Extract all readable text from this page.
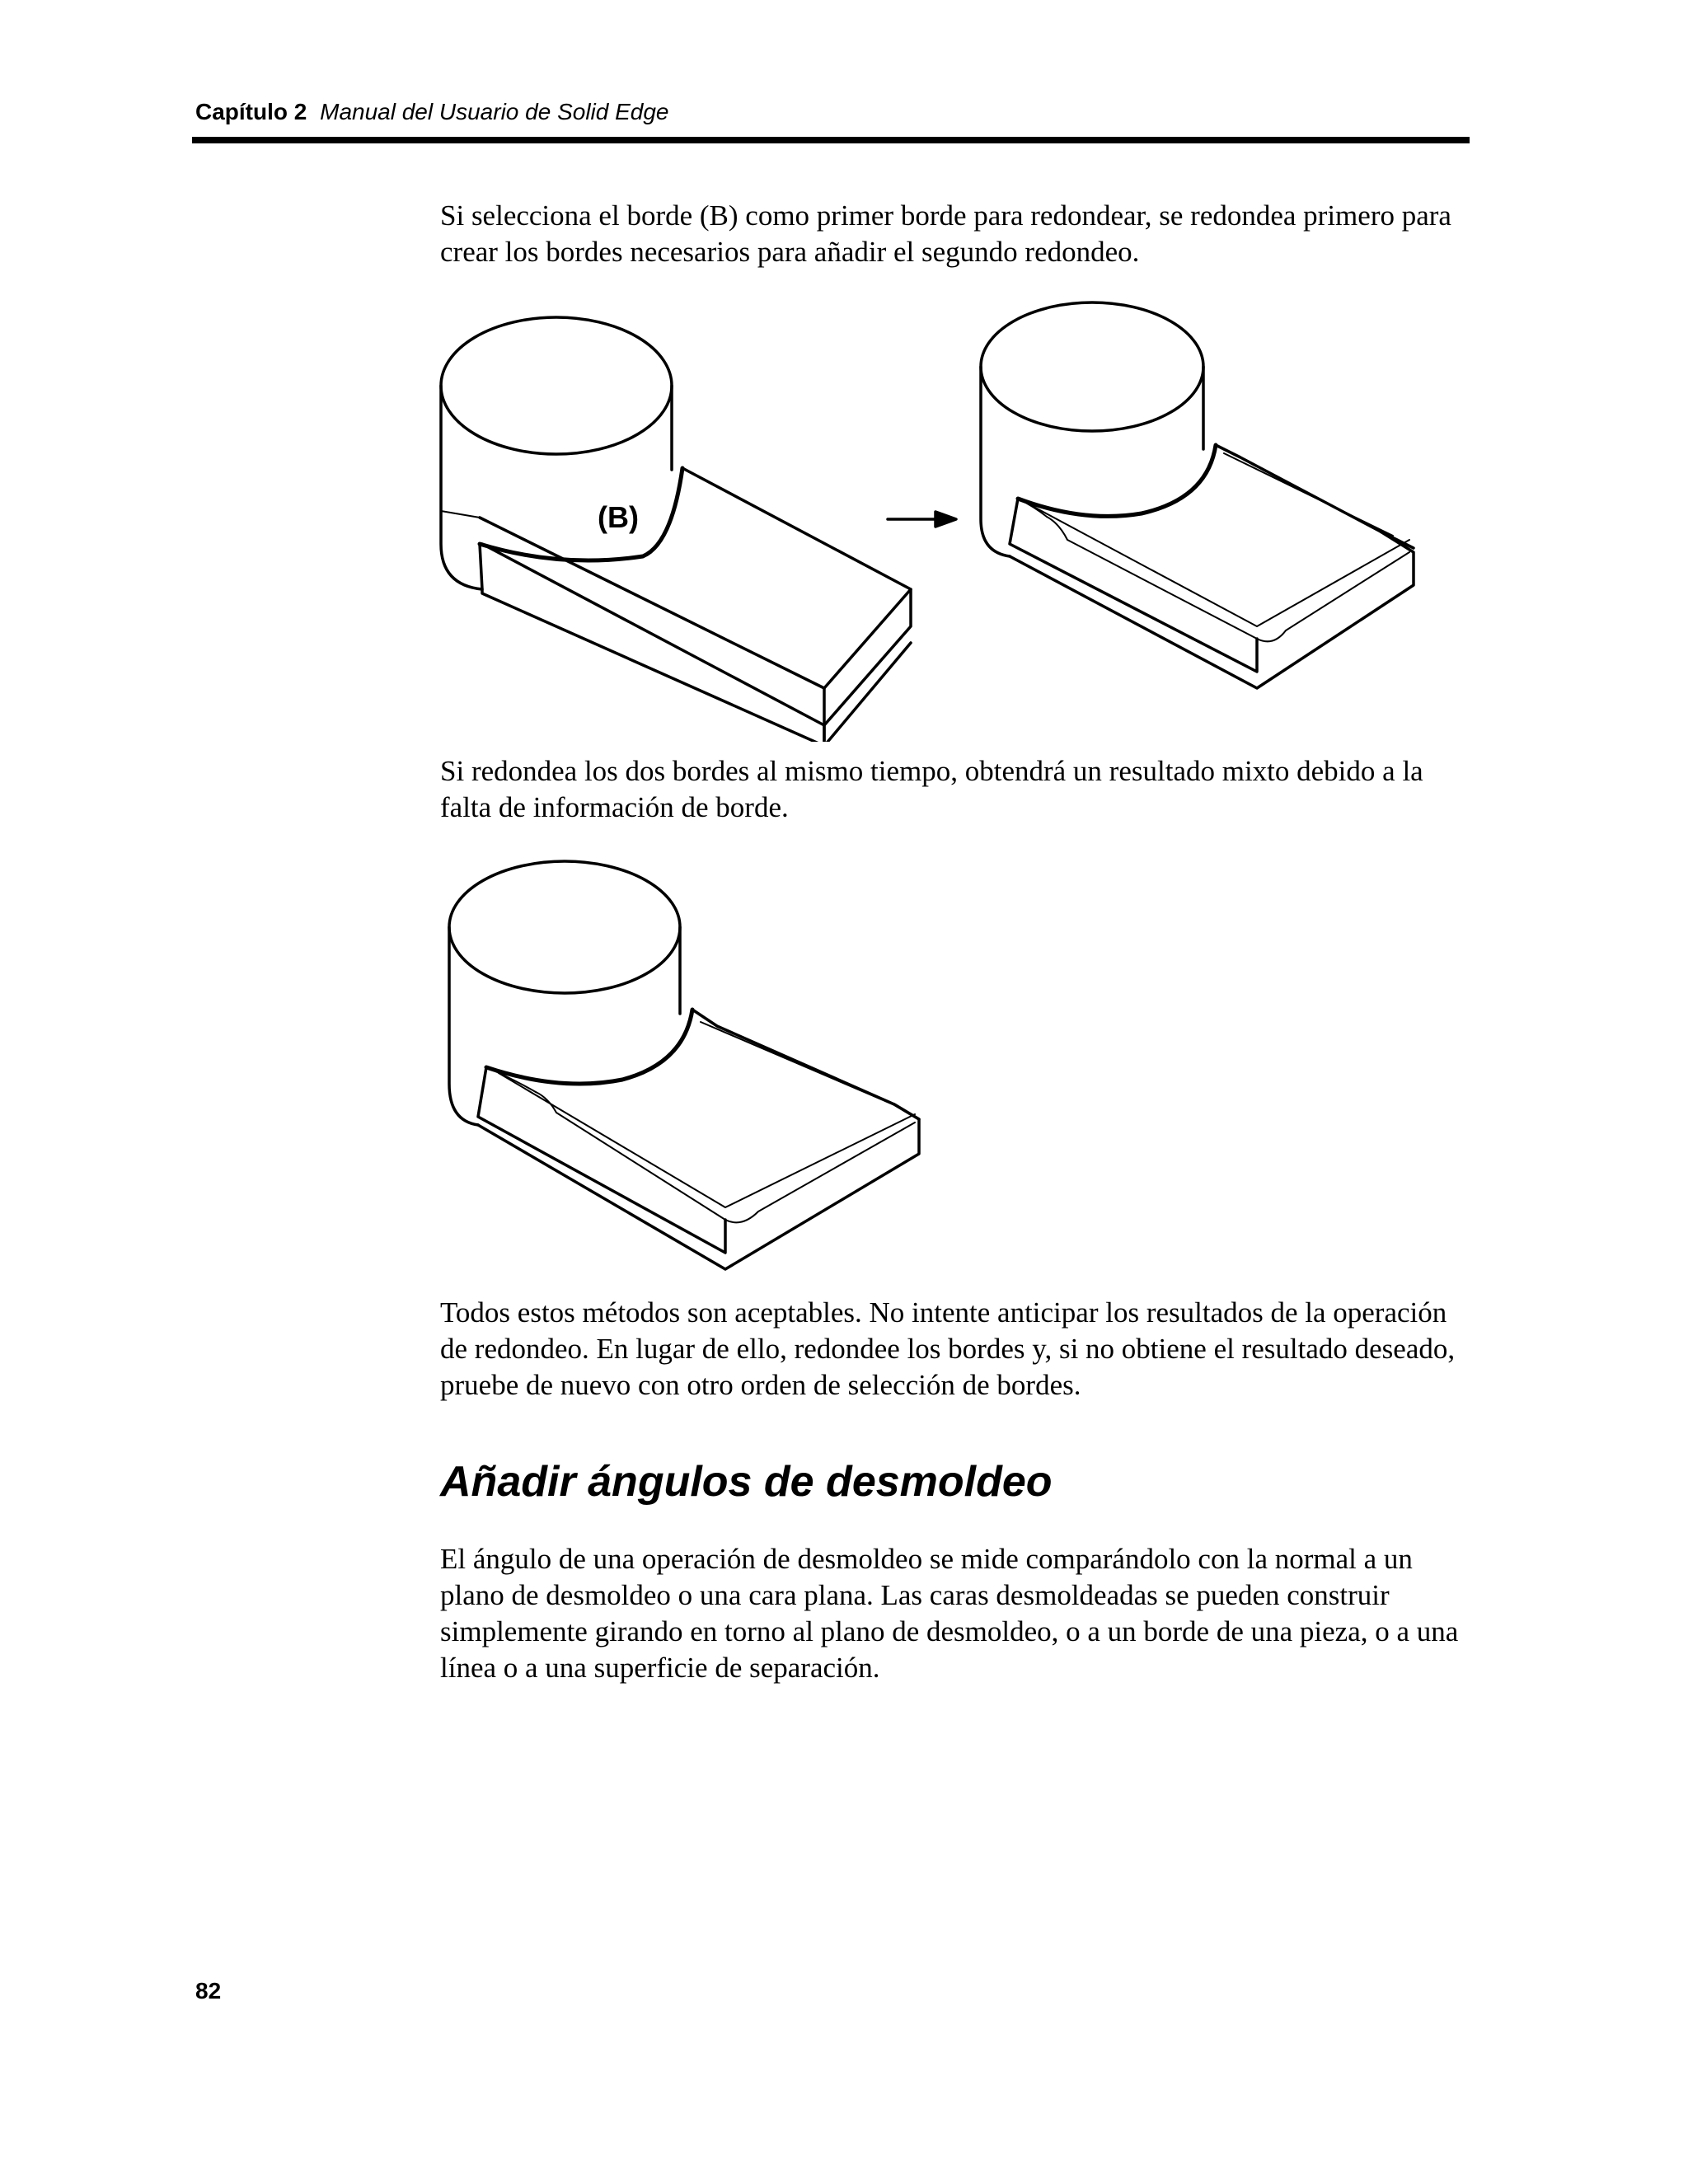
Capítulo 2 Manual del Usuario de Solid Edge

Si selecciona el borde (B) como primer borde para redondear, se redondea primero para crear los bordes necesarios para añadir el segundo redondeo.

(B)

Si redondea los dos bordes al mismo tiempo, obtendrá un resultado mixto debido a la falta de información de borde.

Todos estos métodos son aceptables. No intente anticipar los resultados de la operación de redondeo. En lugar de ello, redondee los bordes y, si no obtiene el resultado deseado, pruebe de nuevo con otro orden de selección de bordes.

Añadir ángulos de desmoldeo

El ángulo de una operación de desmoldeo se mide comparándolo con la normal a un plano de desmoldeo o una cara plana. Las caras desmoldeadas se pueden construir simplemente girando en torno al plano de desmoldeo, o a un borde de una pieza, o a una línea o a una superficie de separación.

82
